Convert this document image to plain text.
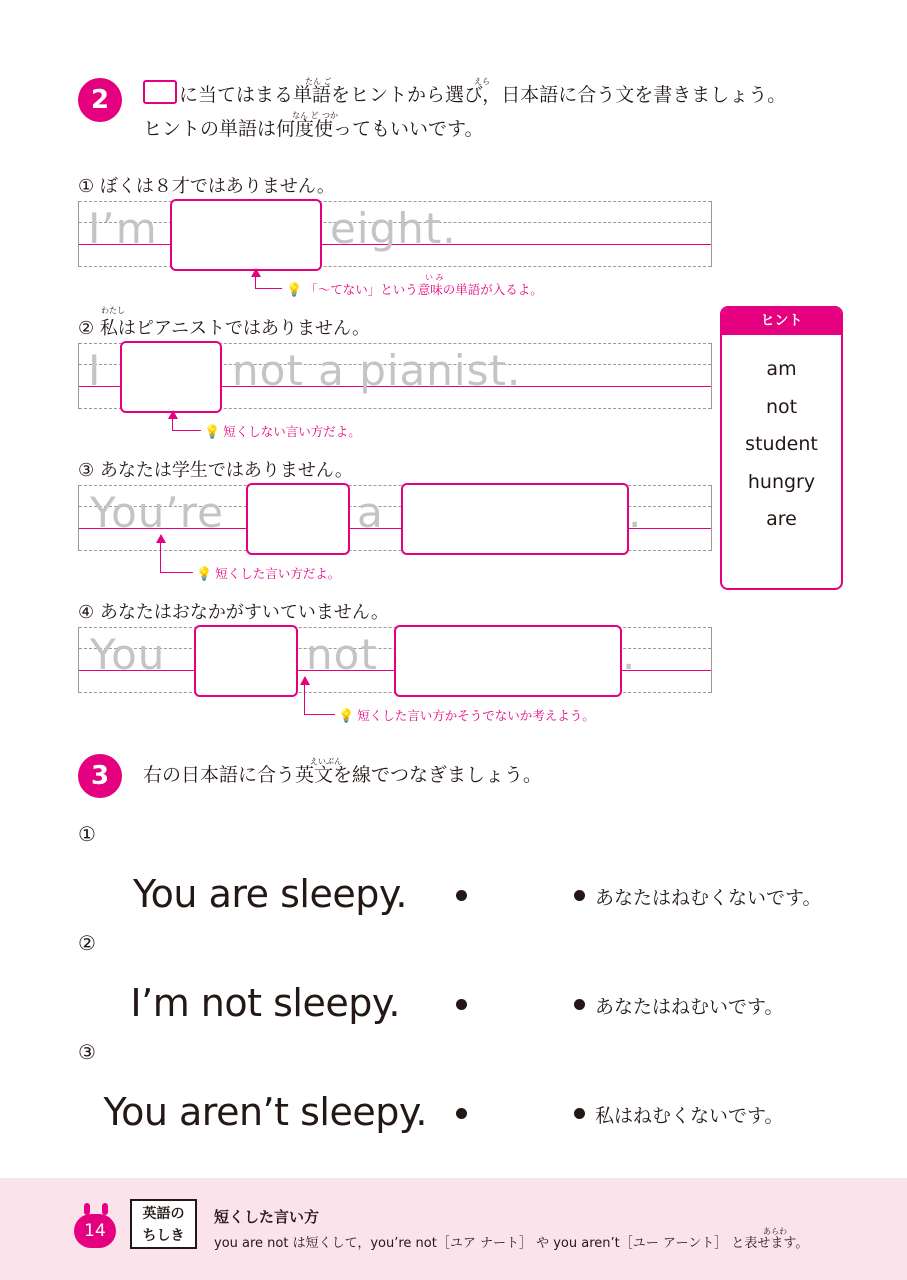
2
たん ご	えら
に当てはまる単語をヒントから選び，日本語に合う文を書きましょう。
なん ど つか
ヒントの単語は何度使ってもいいです。
① ぼくは８才ではありません。
I’m	eight.
💡 「～てない」という意味の単語が入るよ。
い み
わたし
② 私はピアニストではありません。
I	not a pianist.
💡 短くしない言い方だよ。
③ あなたは学生ではありません。
You’re	a	.
💡 短くした言い方だよ。
④ あなたはおなかがすいていません。
You	not	.
💡 短くした言い方かそうでないか考えよう。
ヒント
am
not
student
hungry
are
3	えいぶん
右の日本語に合う英文を線でつなぎましょう。
①
You are sleepy.	あなたはねむくないです。
②
I’m not sleepy.	あなたはねむいです。
③
You aren’t sleepy.	私はねむくないです。
14
英語の
ちしき
短くした言い方
あらわ
you are not は短くして，you’re not［ユア ナート］ や you aren’t［ユー アーント］ と表せます。
